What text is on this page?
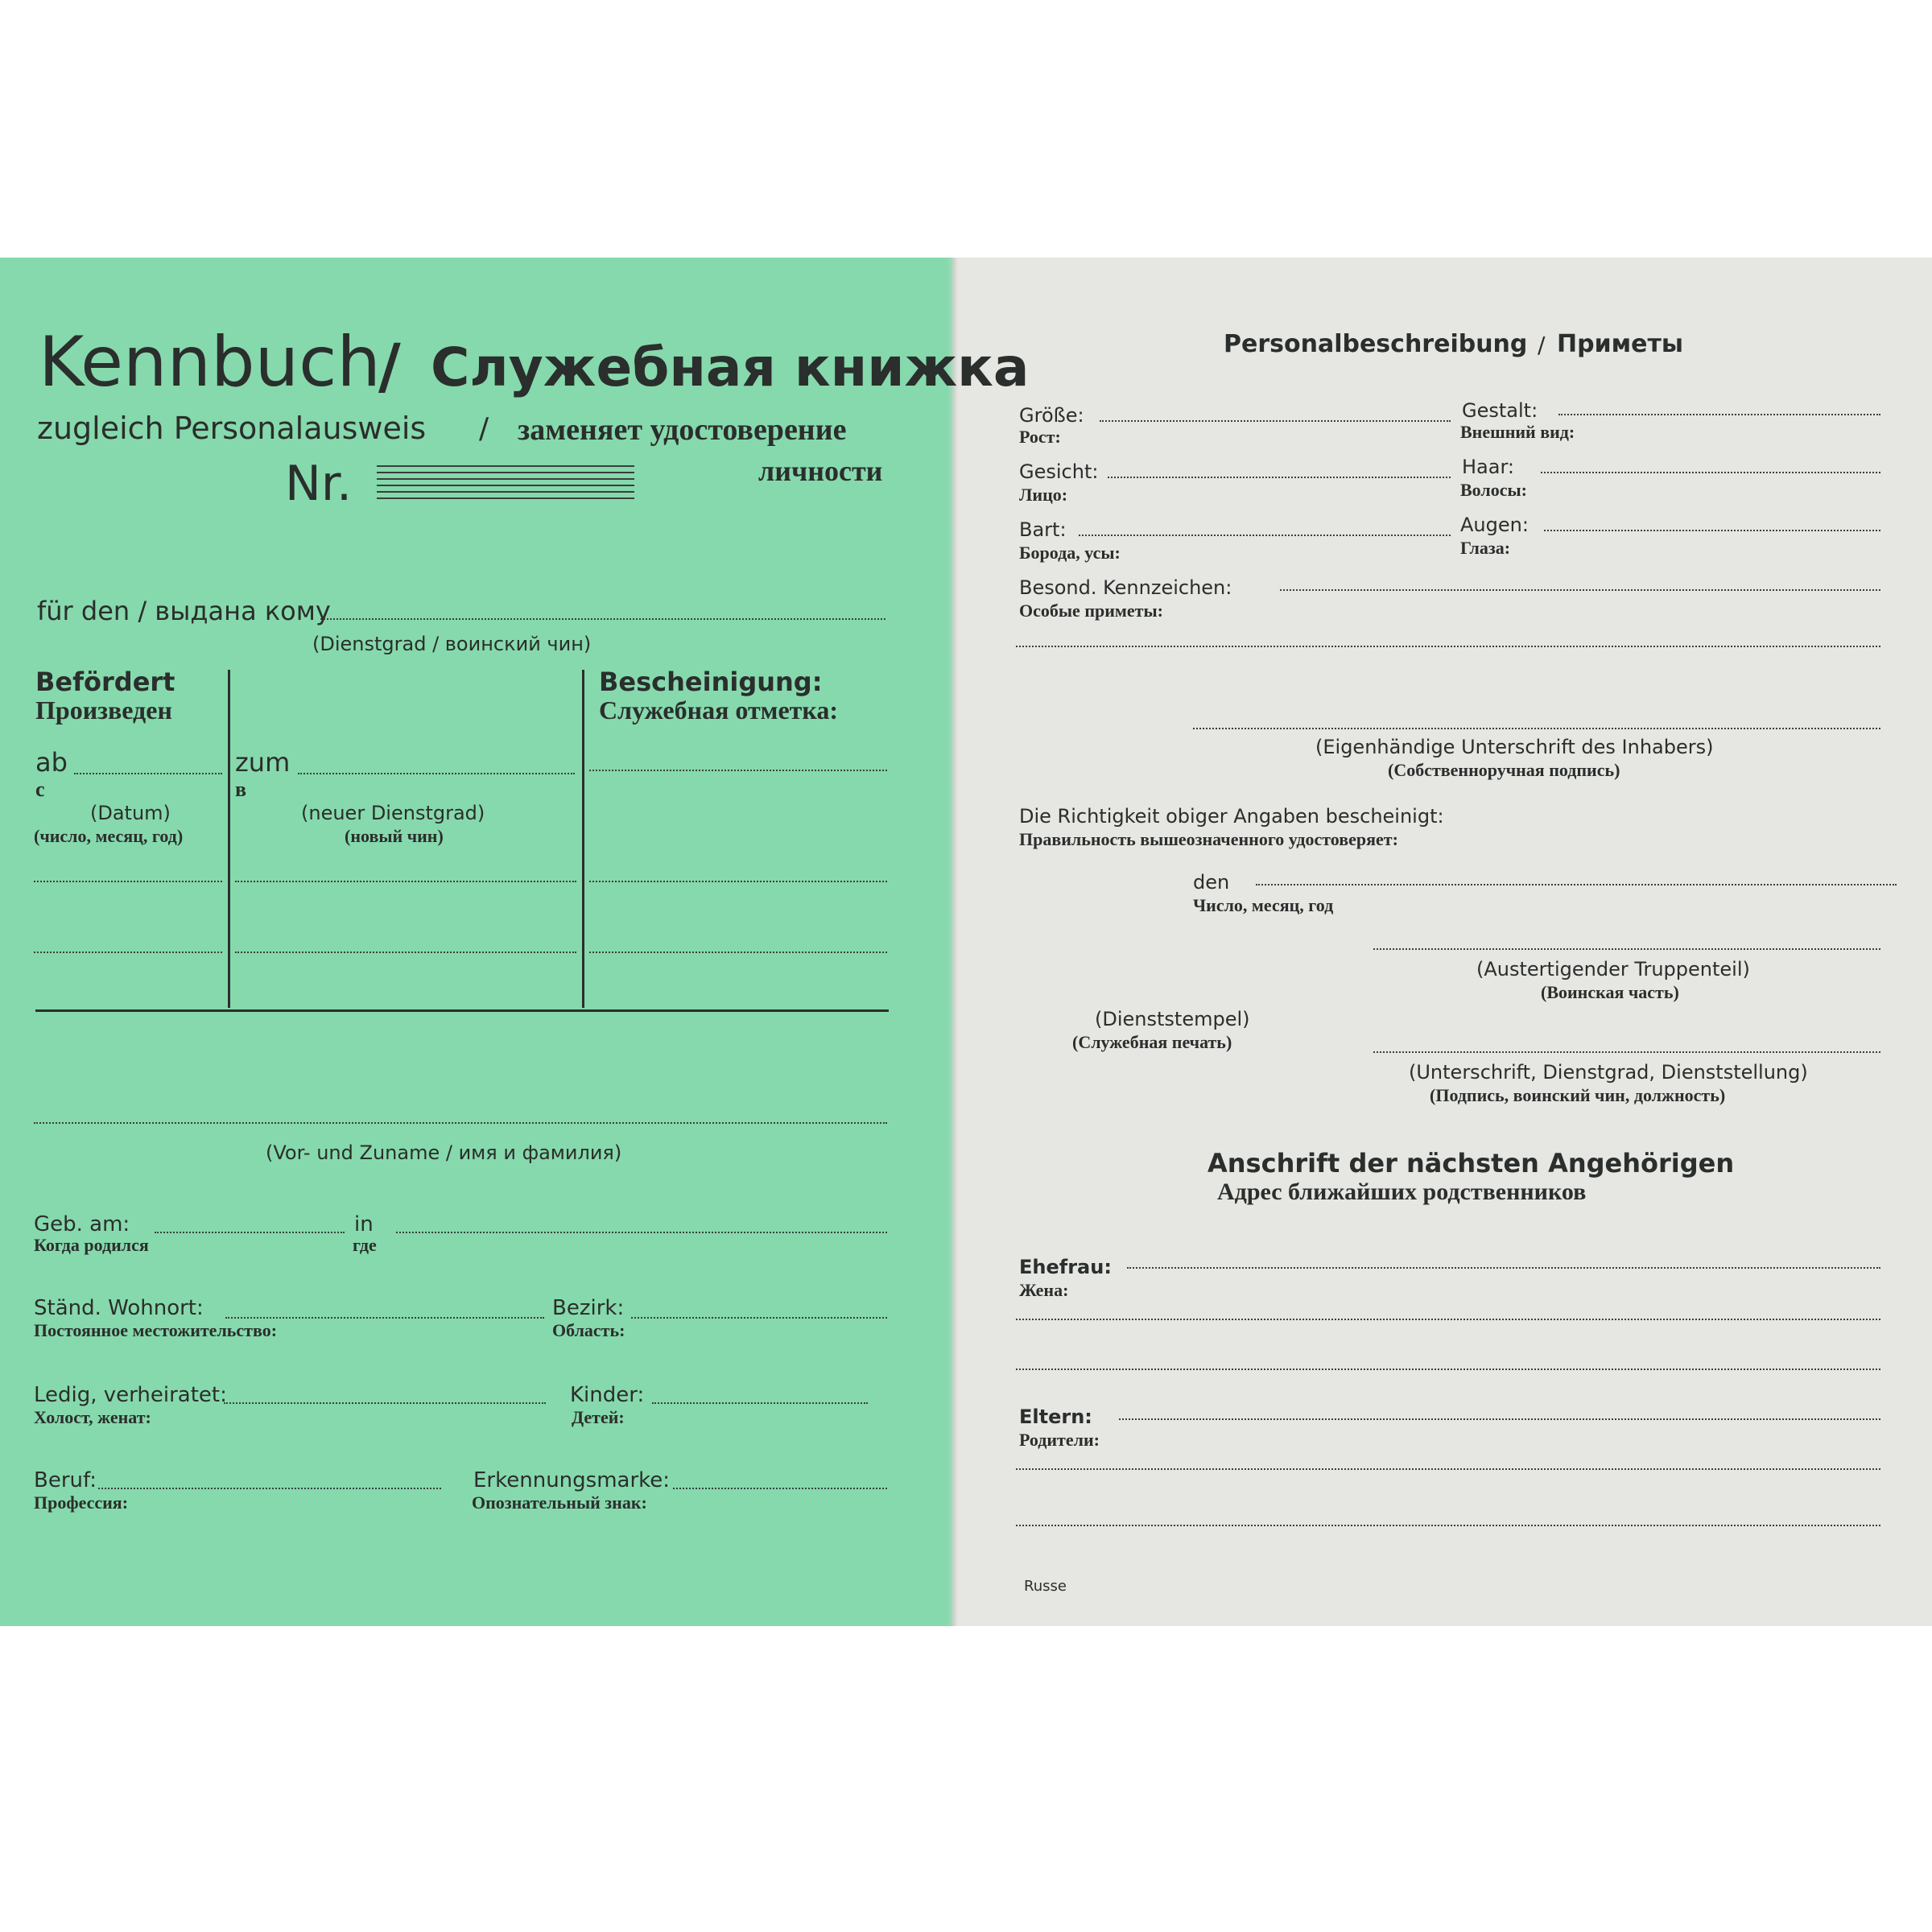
Kennbuch
/ Служебная книжка
zugleich Personalausweis / заменяет удостоверение
личности
Nr.
für den / выдана кому
(Dienstgrad / воинский чин)
Befördert
Произведен
ab
с
zum
в
(Datum)
(число, месяц, год)
(neuer Dienstgrad)
(новый чин)
Bescheinigung:
Служебная отметка:
(Vor- und Zuname / имя и фамилия)
Geb. am:
Когда родился
in
где
Ständ. Wohnort:
Постоянное местожительство:
Bezirk:
Область:
Ledig, verheiratet:
Холост, женат:
Kinder:
Детей:
Beruf:
Профессия:
Erkennungsmarke:
Опознательный знак:
Personalbeschreibung / Приметы
Größe:
Рост:
Gestalt:
Внешний вид:
Gesicht:
Лицо:
Haar:
Волосы:
Bart:
Борода, усы:
Augen:
Глаза:
Besond. Kennzeichen:
Особые приметы:
(Eigenhändige Unterschrift des Inhabers)
(Собственноручная подпись)
Die Richtigkeit obiger Angaben bescheinigt:
Правильность вышеозначенного удостоверяет:
den
Число, месяц, год
(Austertigender Truppenteil)
(Воинская часть)
(Dienststempel)
(Служебная печать)
(Unterschrift, Dienstgrad, Dienststellung)
(Подпись, воинский чин, должность)
Anschrift der nächsten Angehörigen
Адрес ближайших родственников
Ehefrau:
Жена:
Eltern:
Родители:
Russe
